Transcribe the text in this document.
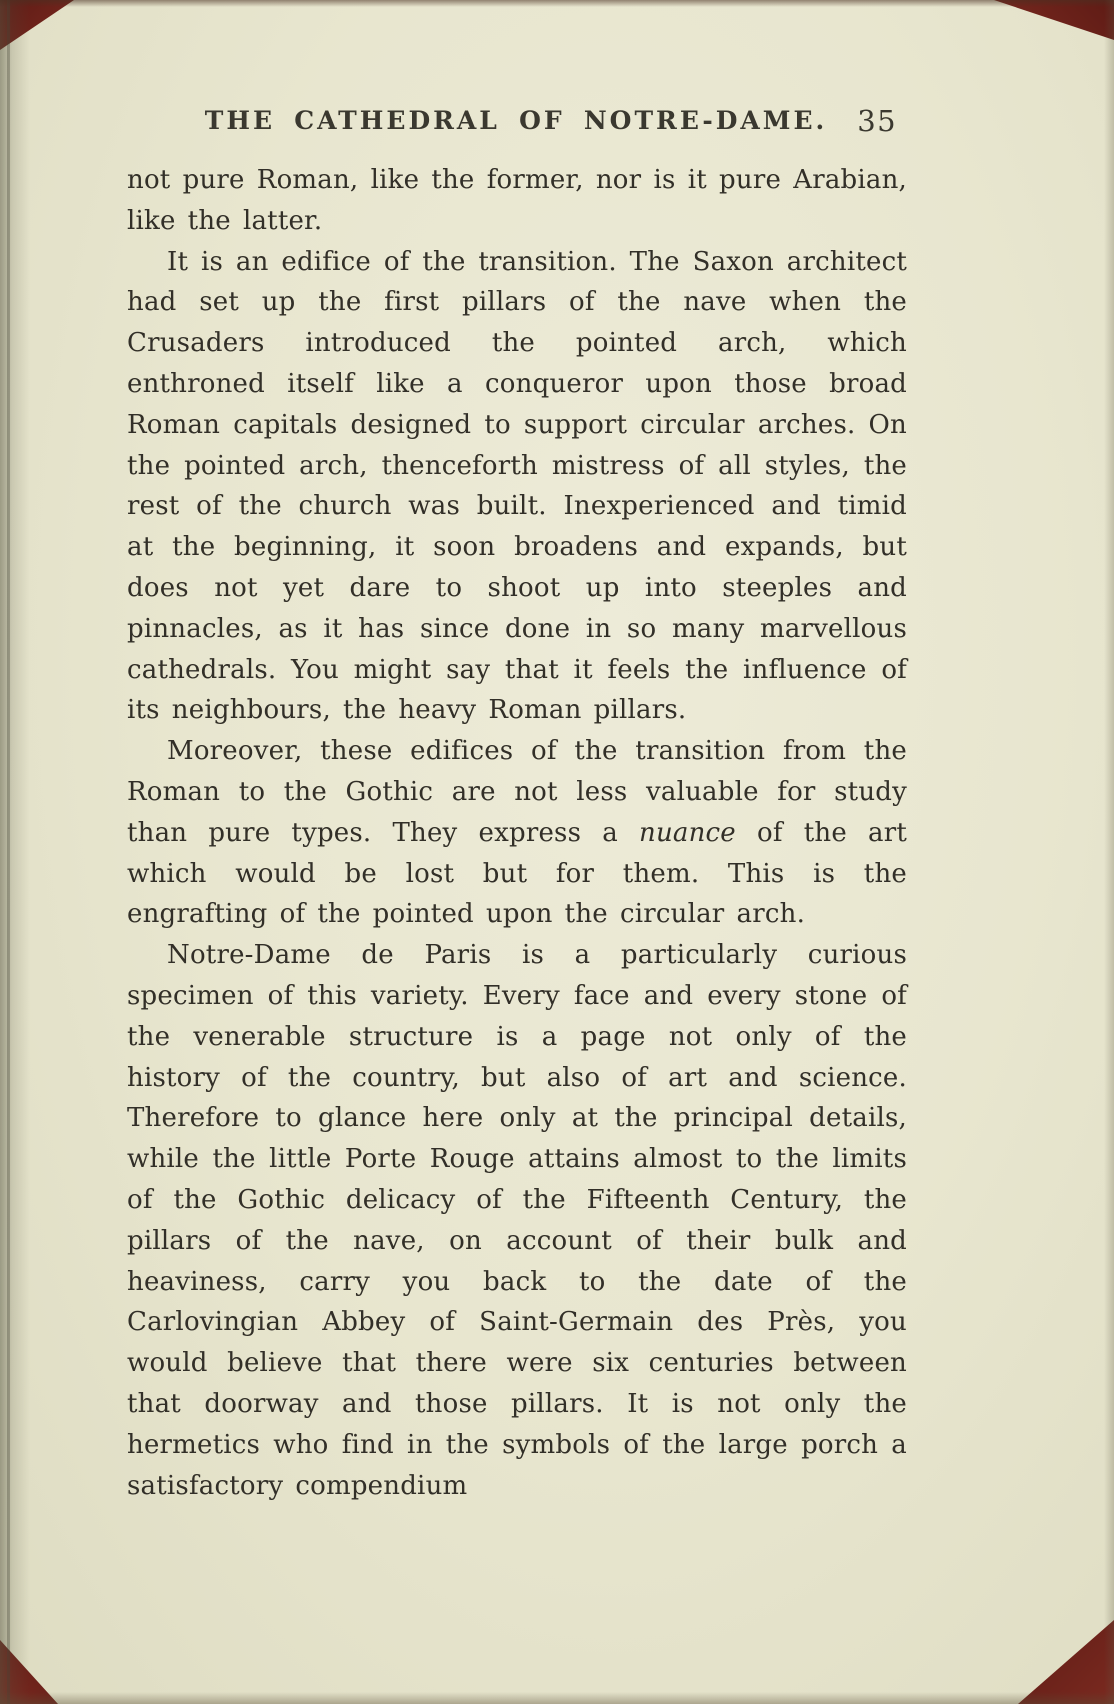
THE CATHEDRAL OF NOTRE-DAME.	35

not pure Roman, like the former, nor is it pure Arabian, like the latter.

It is an edifice of the transition. The Saxon architect had set up the first pillars of the nave when the Crusaders introduced the pointed arch, which enthroned itself like a conqueror upon those broad Roman capitals designed to support circular arches. On the pointed arch, thenceforth mistress of all styles, the rest of the church was built. Inexperienced and timid at the beginning, it soon broadens and expands, but does not yet dare to shoot up into steeples and pinnacles, as it has since done in so many marvellous cathedrals. You might say that it feels the influence of its neighbours, the heavy Roman pillars.

Moreover, these edifices of the transition from the Roman to the Gothic are not less valuable for study than pure types. They express a nuance of the art which would be lost but for them. This is the engrafting of the pointed upon the circular arch.

Notre-Dame de Paris is a particularly curious specimen of this variety. Every face and every stone of the venerable structure is a page not only of the history of the country, but also of art and science. Therefore to glance here only at the principal details, while the little Porte Rouge attains almost to the limits of the Gothic delicacy of the Fifteenth Century, the pillars of the nave, on account of their bulk and heaviness, carry you back to the date of the Carlovingian Abbey of Saint-Germain des Près, you would believe that there were six centuries between that doorway and those pillars. It is not only the hermetics who find in the symbols of the large porch a satisfactory compendium
